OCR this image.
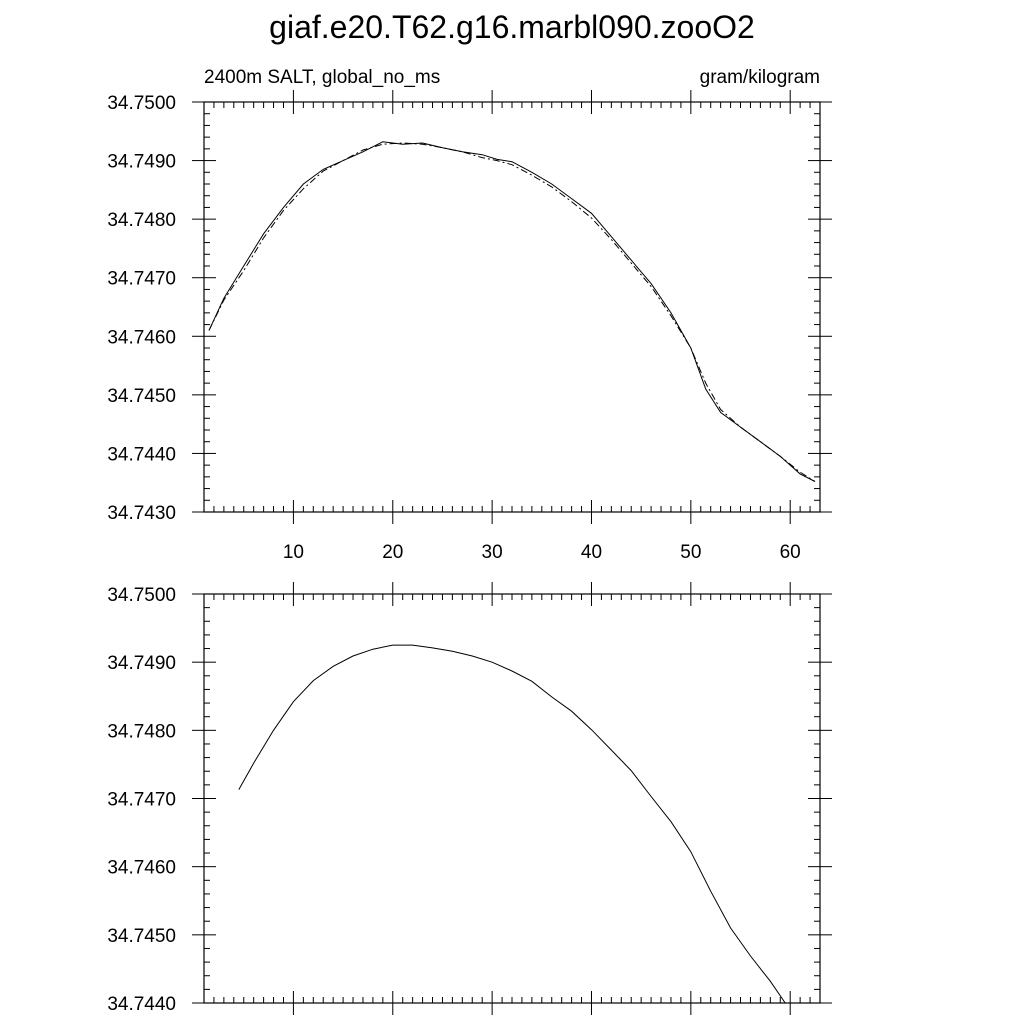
giaf.e20.T62.g16.marbl090.zooO2
2400m SALT, global_no_ms	gram/kilogram
10	20	30	40	50	60
34.7430
34.7440
34.7450
34.7460
34.7470
34.7480
34.7490
34.7500
34.7440
34.7450
34.7460
34.7470
34.7480
34.7490
34.7500
